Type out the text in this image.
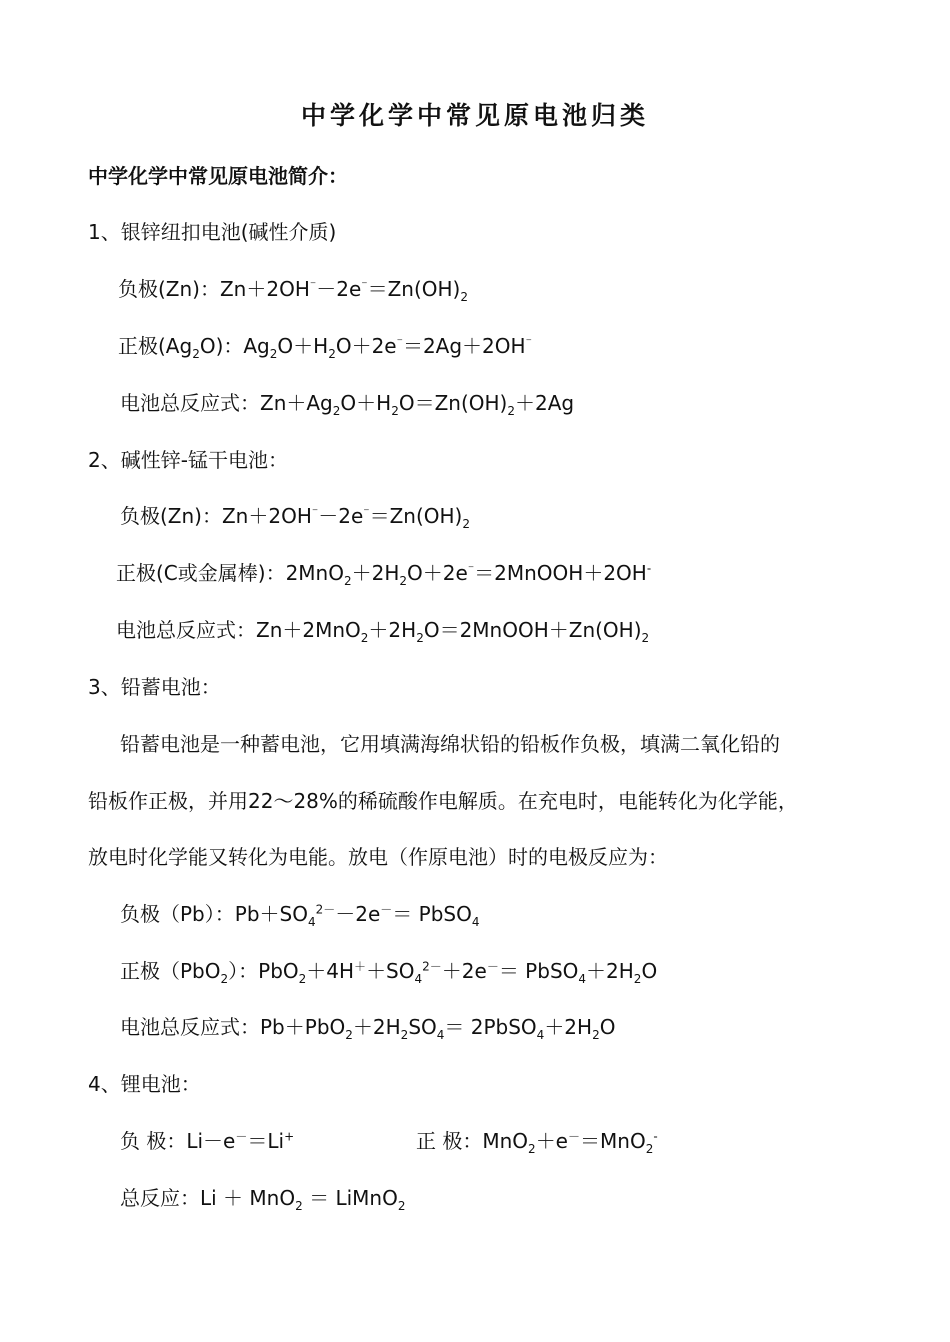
中学化学中常见原电池归类
中学化学中常见原电池简介：
1、银锌纽扣电池(碱性介质)
负极(Zn)：$Zn+2OH^{^-}-2e^{^-}=Zn(OH)_2$
正极$(Ag_2O)$：$Ag_2O+H_2O+2e^{^-}=2Ag+2OH^{^-}$
电池总反应式：$Zn+Ag_2O+H_2O=Zn(OH)_2+2Ag$
2、碱性锌-锰干电池：
负极(Zn)：$Zn+2OH^{^-}-2e^{^-}=Zn(OH)_2$
正极(C或金属棒)：$2MnO_2+2H_2O+2e^{^-}=2MnOOH+2OH^-$
电池总反应式：$Zn+2MnO_2+2H_2O=2MnOOH+Zn(OH)_2$
3、铅蓄电池：
铅蓄电池是一种蓄电池，它用填满海绵状铅的铅板作负极，填满二氧化铅的
铅板作正极，并用22～28%的稀硫酸作电解质。在充电时，电能转化为化学能，
放电时化学能又转化为电能。放电（作原电池）时的电极反应为：
负极（Pb）：$Pb+SO_4^{2-}-2e^-=$ PbSO$_4$
正极（PbO$_2$）：$PbO_2+4H^++SO_4^{2-}+2e^-=$ $PbSO_4+2H_2O$
电池总反应式：$Pb+PbO_2+2H_2SO_4=$ $2PbSO_4+2H_2O$
4、锂电池：
负 极：Li－e－＝Li+	正 极：MnO$_2$＋e－＝MnO$_2$-
总反应：Li ＋ MnO$_2$ ＝ LiMnO$_2$
